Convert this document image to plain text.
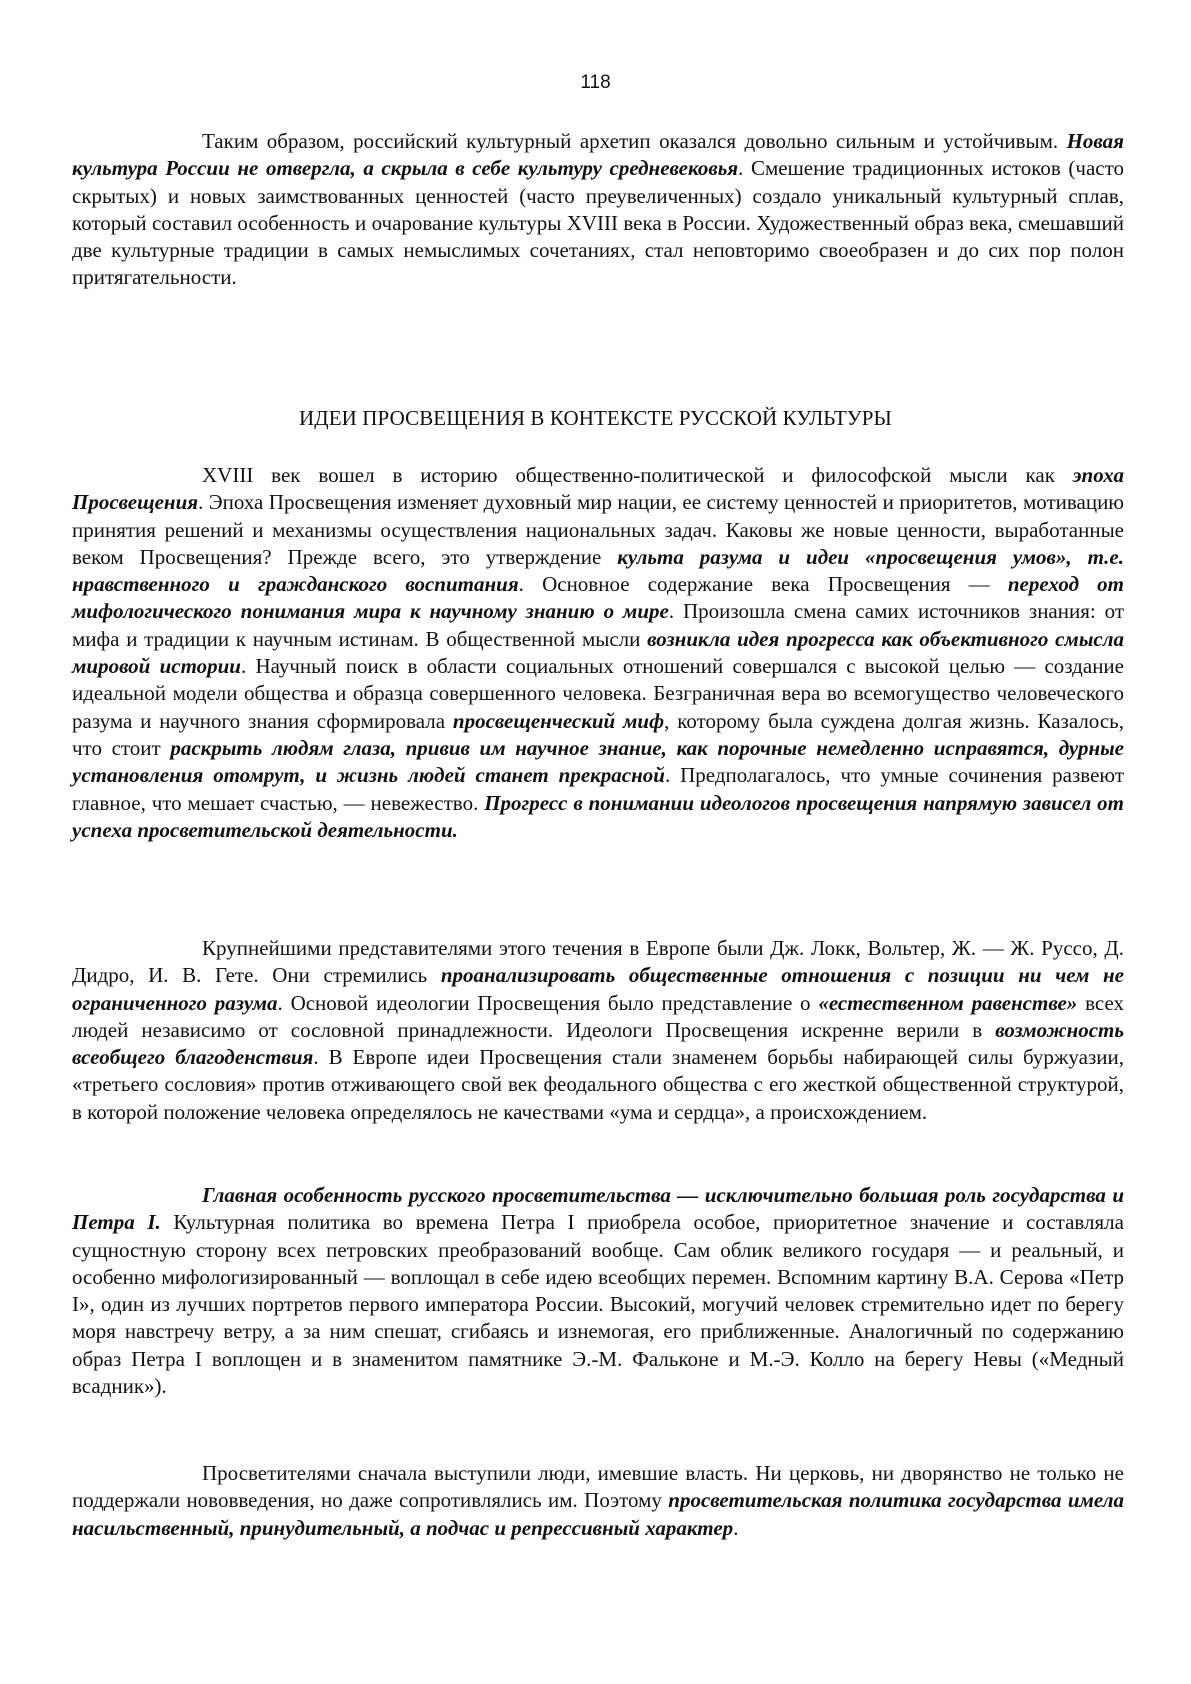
118

Таким образом, российский культурный архетип оказался довольно сильным и устойчивым. Новая культура России не отвергла, а скрыла в себе культуру средневековья. Смешение традиционных истоков (часто скрытых) и новых заимствованных ценностей (часто преувеличенных) создало уникальный культурный сплав, который составил особенность и очарование культуры XVIII века в России. Художественный образ века, смешавший две культурные традиции в самых немыслимых сочетаниях, стал неповторимо своеобразен и до сих пор полон притягательности.

ИДЕИ ПРОСВЕЩЕНИЯ В КОНТЕКСТЕ РУССКОЙ КУЛЬТУРЫ

XVIII век вошел в историю общественно-политической и философской мысли как эпоха Просвещения. Эпоха Просвещения изменяет духовный мир нации, ее систему ценностей и приоритетов, мотивацию принятия решений и механизмы осуществления национальных задач. Каковы же новые ценности, выработанные веком Просвещения? Прежде всего, это утверждение культа разума и идеи «просвещения умов», т.е. нравственного и гражданского воспитания. Основное содержание века Просвещения — переход от мифологического понимания мира к научному знанию о мире. Произошла смена самих источников знания: от мифа и традиции к научным истинам. В общественной мысли возникла идея прогресса как объективного смысла мировой истории. Научный поиск в области социальных отношений совершался с высокой целью — создание идеальной модели общества и образца совершенного человека. Безграничная вера во всемогущество человеческого разума и научного знания сформировала просвещенческий миф, которому была суждена долгая жизнь. Казалось, что стоит раскрыть людям глаза, привив им научное знание, как порочные немедленно исправятся, дурные установления отомрут, и жизнь людей станет прекрасной. Предполагалось, что умные сочинения развеют главное, что мешает счастью, — невежество. Прогресс в понимании идеологов просвещения напрямую зависел от успеха просветительской деятельности.

Крупнейшими представителями этого течения в Европе были Дж. Локк, Вольтер, Ж. — Ж. Руссо, Д. Дидро, И. В. Гете. Они стремились проанализировать общественные отношения с позиции ни чем не ограниченного разума. Основой идеологии Просвещения было представление о «естественном равенстве» всех людей независимо от сословной принадлежности. Идеологи Просвещения искренне верили в возможность всеобщего благоденствия. В Европе идеи Просвещения стали знаменем борьбы набирающей силы буржуазии, «третьего сословия» против отживающего свой век феодального общества с его жесткой общественной структурой, в которой положение человека определялось не качествами «ума и сердца», а происхождением.

Главная особенность русского просветительства — исключительно большая роль государства и Петра I. Культурная политика во времена Петра I приобрела особое, приоритетное значение и составляла сущностную сторону всех петровских преобразований вообще. Сам облик великого государя — и реальный, и особенно мифологизированный — воплощал в себе идею всеобщих перемен. Вспомним картину В.А. Серова «Петр I», один из лучших портретов первого императора России. Высокий, могучий человек стремительно идет по берегу моря навстречу ветру, а за ним спешат, сгибаясь и изнемогая, его приближенные. Аналогичный по содержанию образ Петра I воплощен и в знаменитом памятнике Э.-М. Фальконе и М.-Э. Колло на берегу Невы («Медный всадник»).

Просветителями сначала выступили люди, имевшие власть. Ни церковь, ни дворянство не только не поддержали нововведения, но даже сопротивлялись им. Поэтому просветительская политика государства имела насильственный, принудительный, а подчас и репрессивный характер.
